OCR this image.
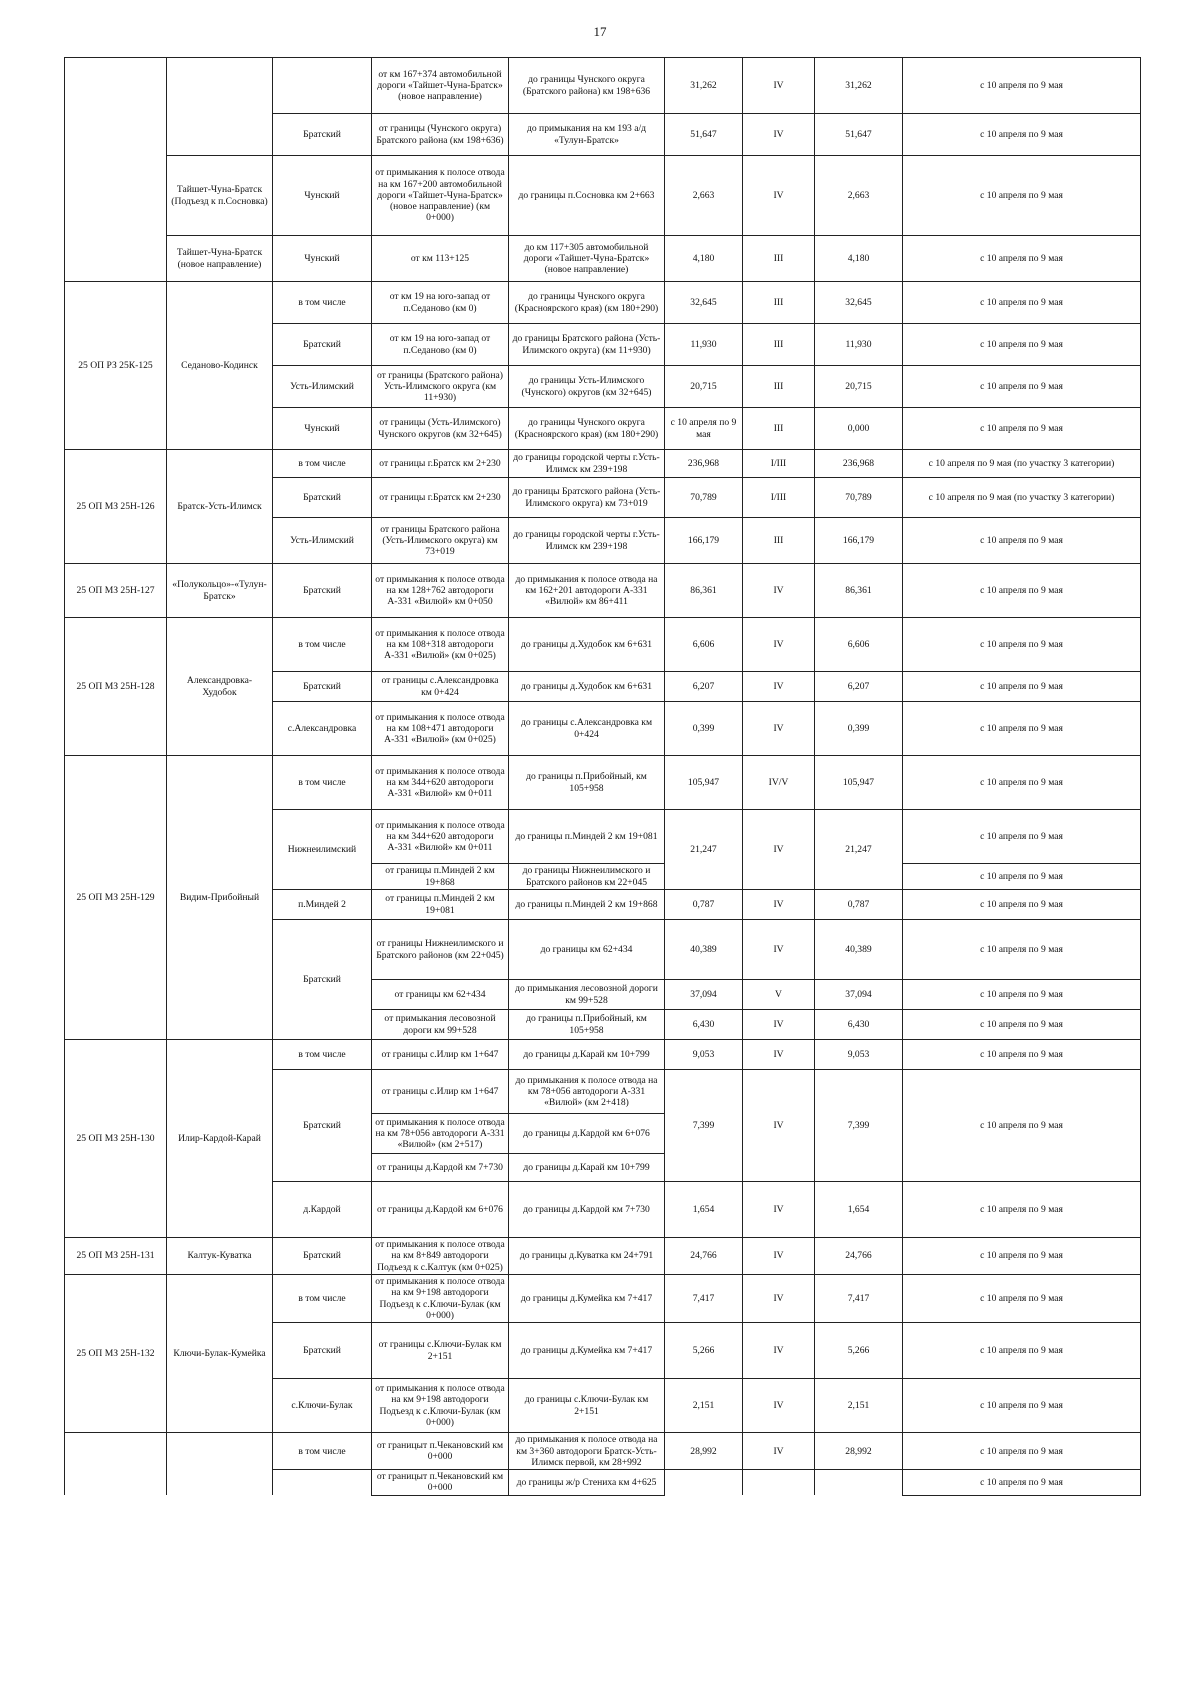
17
			от км 167+374 автомобильной дороги «Тайшет-Чуна-Братск» (новое направление)	до границы Чунского округа (Братского района) км 198+636	31,262	IV	31,262	с 10 апреля по 9 мая
		Братский	от границы (Чунского округа) Братского района (км 198+636)	до примыкания на км 193 а/д «Тулун-Братск»	51,647	IV	51,647	с 10 апреля по 9 мая
	Тайшет-Чуна-Братск (Подъезд к п.Сосновка)	Чунский	от примыкания к полосе отвода на км 167+200 автомобильной дороги «Тайшет-Чуна-Братск» (новое направление) (км 0+000)	до границы п.Сосновка км 2+663	2,663	IV	2,663	с 10 апреля по 9 мая
	Тайшет-Чуна-Братск (новое направление)	Чунский	от км 113+125	до км 117+305 автомобильной дороги «Тайшет-Чуна-Братск» (новое направление)	4,180	III	4,180	с 10 апреля по 9 мая
25 ОП РЗ 25К-125	Седаново-Кодинск	в том числе	от км 19 на юго-запад от п.Седаново (км 0)	до границы Чунского округа (Красноярского края) (км 180+290)	32,645	III	32,645	с 10 апреля по 9 мая
		Братский	от км 19 на юго-запад от п.Седаново (км 0)	до границы Братского района (Усть-Илимского округа) (км 11+930)	11,930	III	11,930	с 10 апреля по 9 мая
		Усть-Илимский	от границы (Братского района) Усть-Илимского округа (км 11+930)	до границы Усть-Илимского (Чунского) округов (км 32+645)	20,715	III	20,715	с 10 апреля по 9 мая
		Чунский	от границы (Усть-Илимского) Чунского округов (км 32+645)	до границы Чунского округа (Красноярского края) (км 180+290)	с 10 апреля по 9 мая	III	0,000	с 10 апреля по 9 мая
25 ОП МЗ 25Н-126	Братск-Усть-Илимск	в том числе	от границы г.Братск км 2+230	до границы городской черты г.Усть-Илимск км 239+198	236,968	I/III	236,968	с 10 апреля по 9 мая (по участку 3 категории)
		Братский	от границы г.Братск км 2+230	до границы Братского района (Усть-Илимского округа) км 73+019	70,789	I/III	70,789	с 10 апреля по 9 мая (по участку 3 категории)
		Усть-Илимский	от границы Братского района (Усть-Илимского округа) км 73+019	до границы городской черты г.Усть-Илимск км 239+198	166,179	III	166,179	с 10 апреля по 9 мая
25 ОП МЗ 25Н-127	«Полукольцо»-«Тулун-Братск»	Братский	от примыкания к полосе отвода на км 128+762 автодороги А-331 «Вилюй» км 0+050	до примыкания к полосе отвода на км 162+201 автодороги А-331 «Вилюй» км 86+411	86,361	IV	86,361	с 10 апреля по 9 мая
25 ОП МЗ 25Н-128	Александровка-Худобок	в том числе	от примыкания к полосе отвода на км 108+318 автодороги А-331 «Вилюй» (км 0+025)	до границы д.Худобок км 6+631	6,606	IV	6,606	с 10 апреля по 9 мая
		Братский	от границы с.Александровка км 0+424	до границы д.Худобок км 6+631	6,207	IV	6,207	с 10 апреля по 9 мая
		с.Александровка	от примыкания к полосе отвода на км 108+471 автодороги А-331 «Вилюй» (км 0+025)	до границы с.Александровка км 0+424	0,399	IV	0,399	с 10 апреля по 9 мая
25 ОП МЗ 25Н-129	Видим-Прибойный	в том числе	от примыкания к полосе отвода на км 344+620 автодороги А-331 «Вилюй» км 0+011	до границы п.Прибойный, км 105+958	105,947	IV/V	105,947	с 10 апреля по 9 мая
		Нижнеилимский	от примыкания к полосе отвода на км 344+620 автодороги А-331 «Вилюй» км 0+011	до границы п.Миндей 2 км 19+081	21,247	IV	21,247	с 10 апреля по 9 мая
			от границы п.Миндей 2 км 19+868	до границы Нижнеилимского и Братского районов км 22+045				с 10 апреля по 9 мая
		п.Миндей 2	от границы п.Миндей 2 км 19+081	до границы п.Миндей 2 км 19+868	0,787	IV	0,787	с 10 апреля по 9 мая
		Братский	от границы Нижнеилимского и Братского районов (км 22+045)	до границы км 62+434	40,389	IV	40,389	с 10 апреля по 9 мая
			от границы км 62+434	до примыкания лесовозной дороги км 99+528	37,094	V	37,094	с 10 апреля по 9 мая
			от примыкания лесовозной дороги км 99+528	до границы п.Прибойный, км 105+958	6,430	IV	6,430	с 10 апреля по 9 мая
25 ОП МЗ 25Н-130	Илир-Кардой-Карай	в том числе	от границы с.Илир км 1+647	до границы д.Карай км 10+799	9,053	IV	9,053	с 10 апреля по 9 мая
		Братский	от границы с.Илир км 1+647	до примыкания к полосе отвода на км 78+056 автодороги А-331 «Вилюй» (км 2+418)	7,399	IV	7,399	с 10 апреля по 9 мая
			от примыкания к полосе отвода на км 78+056 автодороги А-331 «Вилюй» (км 2+517)	до границы д.Кардой км 6+076				
			от границы д.Кардой км 7+730	до границы д.Карай км 10+799				
		д.Кардой	от границы д.Кардой км 6+076	до границы д.Кардой км 7+730	1,654	IV	1,654	с 10 апреля по 9 мая
25 ОП МЗ 25Н-131	Калтук-Куватка	Братский	от примыкания к полосе отвода на км 8+849 автодороги Подъезд к с.Калтук (км 0+025)	до границы д.Куватка км 24+791	24,766	IV	24,766	с 10 апреля по 9 мая
25 ОП МЗ 25Н-132	Ключи-Булак-Кумейка	в том числе	от примыкания к полосе отвода на км 9+198 автодороги Подъезд к с.Ключи-Булак (км 0+000)	до границы д.Кумейка км 7+417	7,417	IV	7,417	с 10 апреля по 9 мая
		Братский	от границы с.Ключи-Булак км 2+151	до границы д.Кумейка км 7+417	5,266	IV	5,266	с 10 апреля по 9 мая
		с.Ключи-Булак	от примыкания к полосе отвода на км 9+198 автодороги Подъезд к с.Ключи-Булак (км 0+000)	до границы с.Ключи-Булак км 2+151	2,151	IV	2,151	с 10 апреля по 9 мая
		в том числе	от границыт п.Чекановский км 0+000	до примыкания к полосе отвода на км 3+360 автодороги Братск-Усть-Илимск первой, км 28+992	28,992	IV	28,992	с 10 апреля по 9 мая
			от границыт п.Чекановский км 0+000	до границы ж/р Стениха км 4+625				с 10 апреля по 9 мая
